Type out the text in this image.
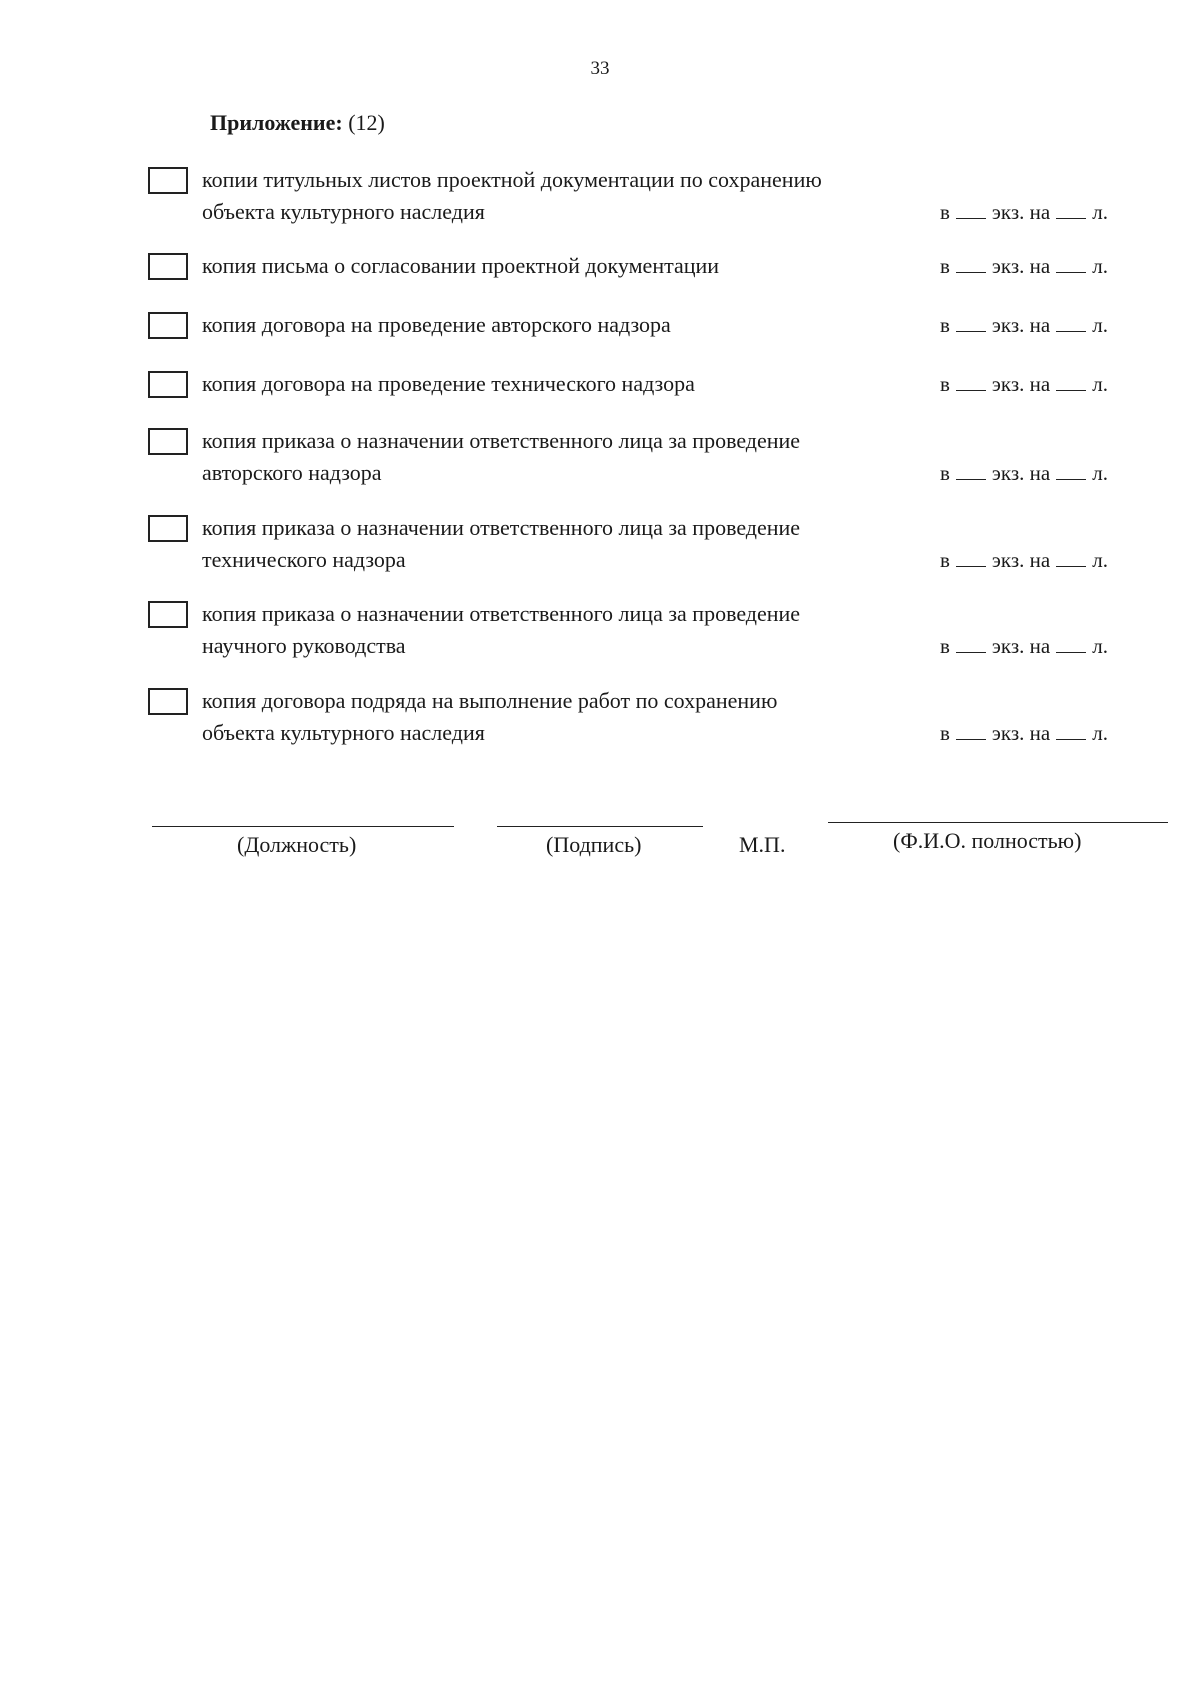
33
Приложение: (12)
копии титульных листов проектной документации по сохранению
объекта культурного наследия	в экз. на л.
копия письма о согласовании проектной документации	в экз. на л.
копия договора на проведение авторского надзора	в экз. на л.
копия договора на проведение технического надзора	в экз. на л.
копия приказа о назначении ответственного лица за проведение
авторского надзора	в экз. на л.
копия приказа о назначении ответственного лица за проведение
технического надзора	в экз. на л.
копия приказа о назначении ответственного лица за проведение
научного руководства	в экз. на л.
копия договора подряда на выполнение работ по сохранению
объекта культурного наследия	в экз. на л.
(Должность)	(Подпись)	М.П.	(Ф.И.О. полностью)
